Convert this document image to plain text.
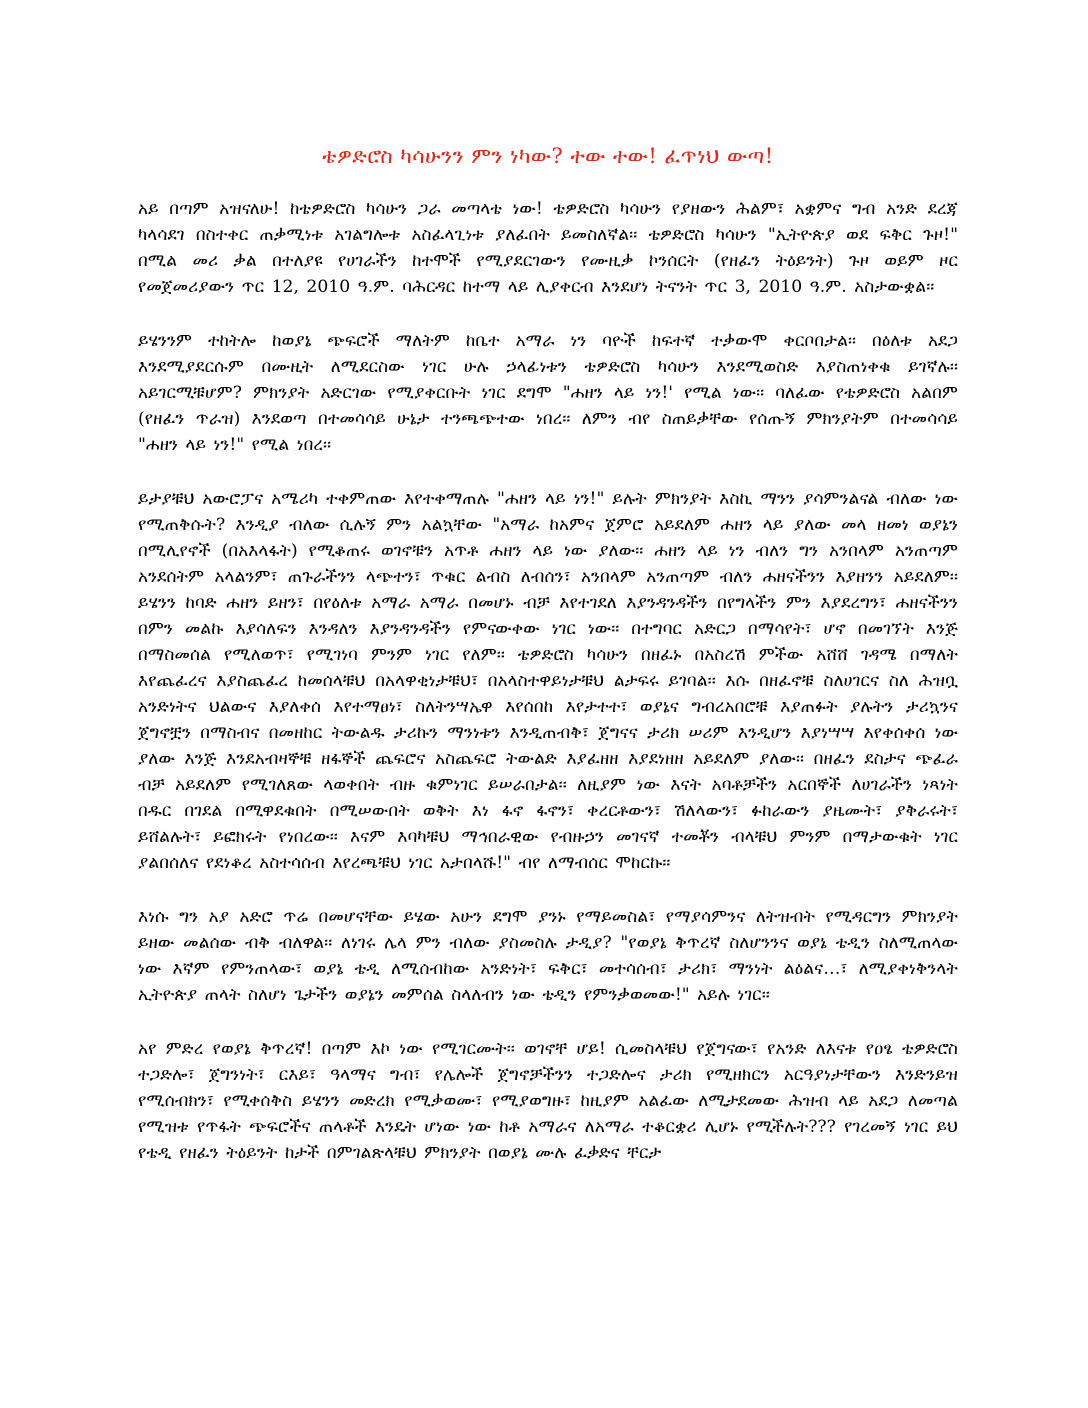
ቴዎድሮስ ካሳሁንን ምን ነካው? ተው ተው! ፈጥነህ ውጣ!

አይ በጣም አዝናለሁ! ከቴዎድሮስ ካሳሁን ጋራ መጣላቴ ነው! ቴዎድሮስ ካሳሁን የያዘውን ሕልም፣ አቋምና ግብ አንድ ደረጃ ካላሳደገ በስተቀር ጠቃሚነቱ አገልግሎቱ አስፈላጊነቱ ያለፈበት ይመስለኛል፡፡ ቴዎድሮስ ካሳሁን "ኢትዮጵያ ወደ ፍቅር ጉዞ!" በሚል መሪ ቃል በተለያዩ የሀገራችን ከተሞች የሚያደርገውን የሙዚቃ ኮንሰርት (የዘፈን ትዕይንት) ጉዞ ወይም ዞር የመጀመሪያውን ጥር 12, 2010 ዓ.ም. ባሕርዳር ከተማ ላይ ሊያቀርብ እንደሆነ ትናንት ጥር 3, 2010 ዓ.ም. አስታውቋል፡፡

ይሄንንም ተከትሎ ከወያኔ ጭፍሮች ማለትም ከቤተ አማራ ነን ባዮች ከፍተኛ ተቃውሞ ቀርቦበታል፡፡ በዕለቱ አደጋ እንደሚያደርሱም በሙዚት ለሚደርስው ነገር ሁሉ ኃላፊነቱን ቴዎድሮስ ካሳሁን እንደሚወስድ እያስጠነቀቁ ይገኛሉ፡፡ አይገርሚቹሆም? ምክንያት አድርገው የሚያቀርቡት ነገር ደግሞ "ሐዘን ላይ ነን!' የሚል ነው፡፡ ባለፈው የቴዎድሮስ አልበም (የዘፈን ጥራዝ) እንደወጣ በተመሳሳይ ሁኔታ ተንጫጭተው ነበረ፡፡ ለምን ብየ ስጠይቃቸው የሰጡኝ ምክንያትም በተመሳሳይ "ሐዘን ላይ ነን!" የሚል ነበረ፡፡

ይታያቹህ አውሮፓና አሜሪካ ተቀምጠው እየተቀማጠሉ "ሐዘን ላይ ነን!" ይሉት ምክንያት እስኪ ማንን ያሳምንልናል ብለው ነው የሚጠቅሱት? እንዲያ ብለው ሲሉኝ ምን አልኳቸው "አማራ ከአምና ጀምሮ አይደለም ሐዘን ላይ ያለው መላ ዘመነ ወያኔን በሚሊየኖች (በአእላፋት) የሚቆጠሩ ወገኖቹን አጥቶ ሐዘን ላይ ነው ያለው፡፡ ሐዘን ላይ ነን ብለን ግን አንበላም አንጠጣም አንደሰትም አላልንም፣ ጠጉራችንን ላጭተን፣ ጥቁር ልብስ ለብሰን፣ አንበላም አንጠጣም ብለን ሐዘናችንን እያዘንን አይደለም፡፡ ይሄንን ከባድ ሐዘን ይዘን፣ በየዕለቱ አማራ አማራ በመሆኑ ብቻ እየተገደለ እያንዳንዳችን በየግላችን ምን እያደረግን፣ ሐዘናችንን በምን መልኩ እያሳለፍን እንዳለን እያንዳንዳችን የምናውቀው ነገር ነው፡፡ በተግባር አድርጋ በማሳየት፣ ሆኖ በመገኘት እንጅ በማስመሰል የሚለወጥ፣ የሚገነባ ምንም ነገር የለም፡፡ ቴዎድሮስ ካሳሁን በዘፈኑ በአስረሽ ምችው አሸሸ ገዳሜ በማለት እየጨፈረና እያስጨፈረ ከመሰላቹህ በአላዋቂነታቹህ፣ በአላስተዋይነታቹህ ልታፍሩ ይገባል፡፡ እሱ በዘፈኖቹ ስለሀገርና ስለ ሕዝቧ አንድነትና ህልውና እያለቀሰ እየተማፀነ፣ ስለትንሣኤዋ እየሰበከ እየታተተ፣ ወያኔና ግብረአበሮቹ እያጠፉት ያሉትን ታሪኳንና ጀግኖቿን በማስብና በመዘከር ትውልዱ ታሪኩን ማንነቱን እንዲጠብቅ፣ ጀግናና ታሪክ ሠሪም እንዲሆን እያነሣሣ እየቀሰቀሰ ነው ያለው እንጅ እንደአብዛኞቹ ዘፋኞች ጨፍሮና አስጨፍሮ ትውልድ እያፈዘዘ እያደነዘዘ አይደለም ያለው፡፡ በዘፈን ደስታና ጭፈራ ብቻ አይደለም የሚገለጸው ላወቀበት ብዙ ቁምነገር ይሠራበታል፡፡ ለዚያም ነው እናት አባቶቻችን አርበኞች ለሀገራችን ነጻነት በዱር በገደል በሚዋደቁበት በሚሠውበት ወቅት እነ ፋኖ ፋኖን፣ ቀረርቶውን፣ ሽለላውን፣ ፉከራውን ያዜሙት፣ ያቅራሩት፣ ይሸልሉት፣ ይፎክሩት የነበረው፡፡ እናም እባካቹህ ማኅበራዊው የብዙኃን መገናኛ ተመቾን ብላቹህ ምንም በማታውቁት ነገር ያልበሰለና የደነቆረ አስተሳሰብ እየረጫቹህ ነገር አታበላሹ!" ብየ ለማብሰር ሞከርኩ፡፡

እነሱ ግን አያ አድሮ ጥሬ በመሆናቸው ይሄው አሁን ደግሞ ያንኑ የማይመስል፣ የማያሳምንና ለትዝብት የሚዳርግን ምክንያት ይዘው መልሰው ብቅ ብለዋል፡፡ ለነገሩ ሌላ ምን ብለው ያስመስሉ ታዲያ? "የወያኔ ቅጥረኛ ስለሆንንና ወያኔ ቴዲን ስለሚጠላው ነው እኛም የምንጠላው፣ ወያኔ ቴዲ ለሚሰብከው አንድነት፣ ፍቅር፣ መተሳሰብ፣ ታሪክ፣ ማንነት ልዕልና…፣ ለሚያቀነቅንላት ኢትዮጵያ ጠላት ስለሆነ ጌታችን ወያኔን መምሰል ስላለብን ነው ቴዲን የምንቃወመው!" አይሉ ነገር፡፡

አየ ምድረ የወያኔ ቅጥረኛ! በጣም እኮ ነው የሚገርሙት፡፡ ወገኖቸ ሆይ! ሲመስላቹህ የጀግናው፣ የአንድ ለእናቱ የዐፄ ቴዎድሮስ ተጋድሎ፣ ጀግንነት፣ ርእይ፣ ዓላማና ግብ፣ የሌሎች ጀግኖቻችንን ተጋድሎና ታሪክ የሚዘክርን አርዓያነታቸውን እንድንይዝ የሚሰብክን፣ የሚቀሰቅስ ይሄንን መድረክ የሚቃወሙ፣ የሚያወግዙ፣ ከዚያም አልፈው ለሚታደመው ሕዝብ ላይ አደጋ ለመጣል የሚዝቱ የጥፋት ጭፍሮችና ጠላቶች እንዴት ሆነው ነው ከቶ አማራና ለአማራ ተቆርቋሪ ሊሆኑ የሚችሉት??? የገረመኝ ነገር ይህ የቴዲ የዘፈን ትዕይንት ከታች በምገልጽላቹህ ምክንያት በወያኔ ሙሉ ፈቃድና ቸርታ
